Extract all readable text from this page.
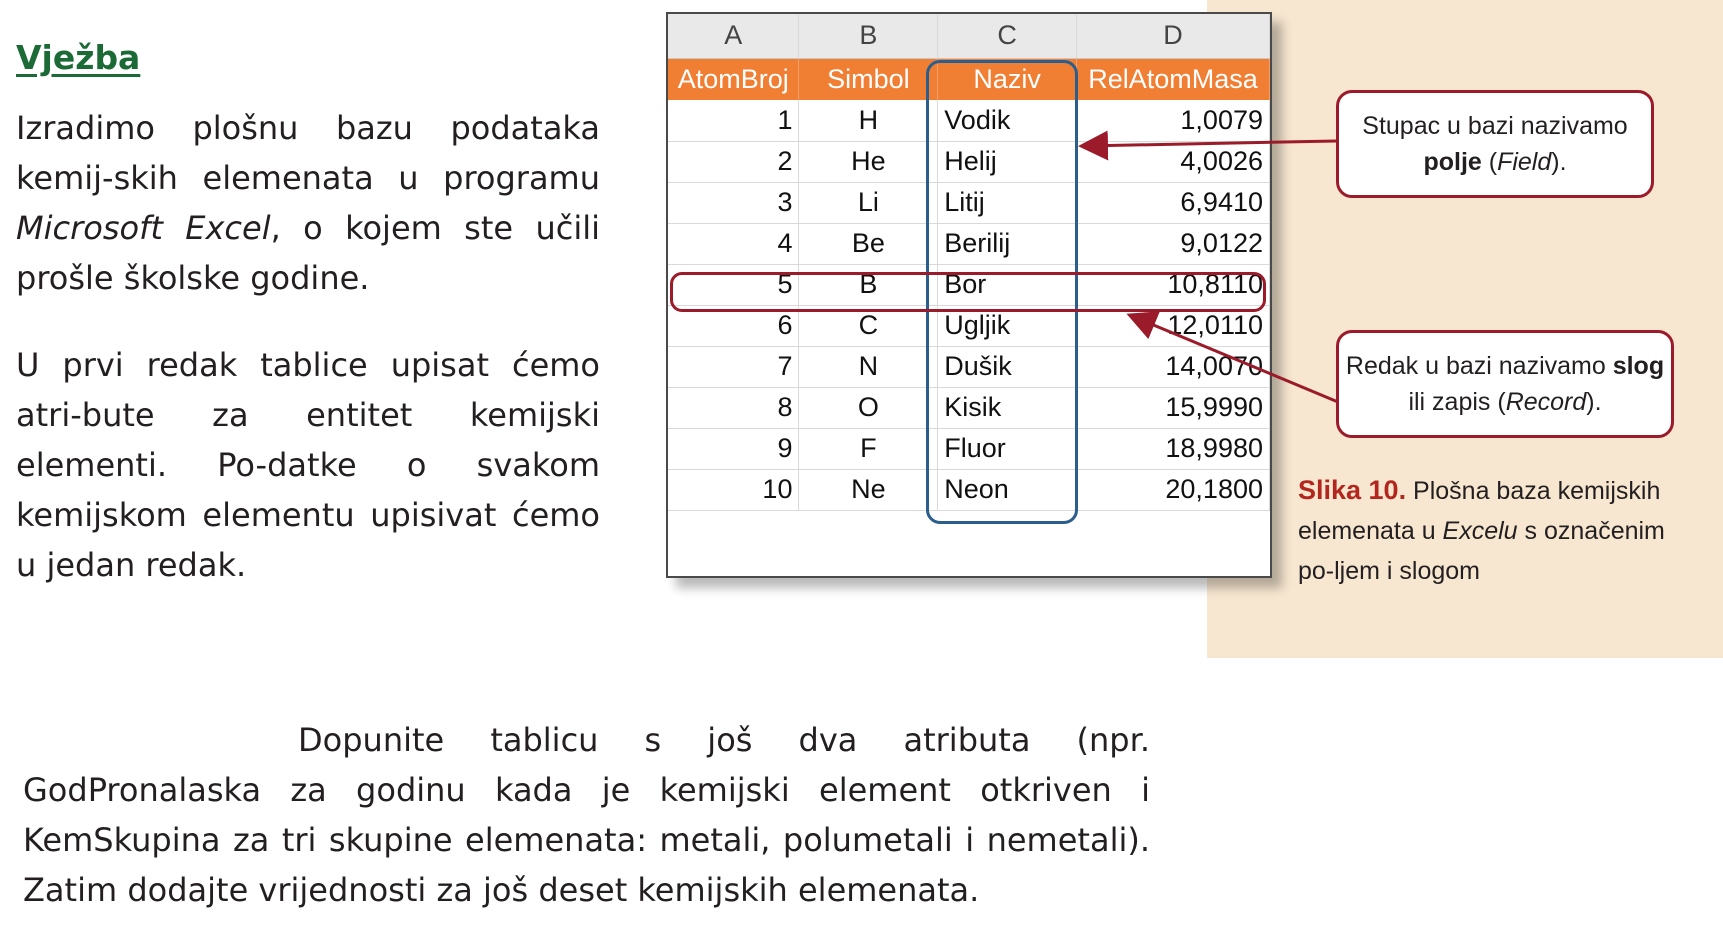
Vježba

Izradimo plošnu bazu podataka kemij-skih elemenata u programu Microsoft Excel, o kojem ste učili prošle školske godine.

U prvi redak tablice upisat ćemo atri-bute za entitet kemijski elementi. Po-datke o svakom kemijskom elementu upisivat ćemo u jedan redak.

A	B	C	D
AtomBroj	Simbol	Naziv	RelAtomMasa
1	H	Vodik	1,0079
2	He	Helij	4,0026
3	Li	Litij	6,9410
4	Be	Berilij	9,0122
5	B	Bor	10,8110
6	C	Ugljik	12,0110
7	N	Dušik	14,0070
8	O	Kisik	15,9990
9	F	Fluor	18,9980
10	Ne	Neon	20,1800
Stupac u bazi nazivamo
polje (Field).
Redak u bazi nazivamo slog
ili zapis (Record).

Slika 10. Plošna baza kemijskih elemenata u Excelu s označenim po-ljem i slogom

Dopunite tablicu s još dva atributa (npr. GodPronalaska za godinu kada je kemijski element otkriven i KemSkupina za tri skupine elemenata: metali, polumetali i nemetali). Zatim dodajte vrijednosti za još deset kemijskih elemenata.
